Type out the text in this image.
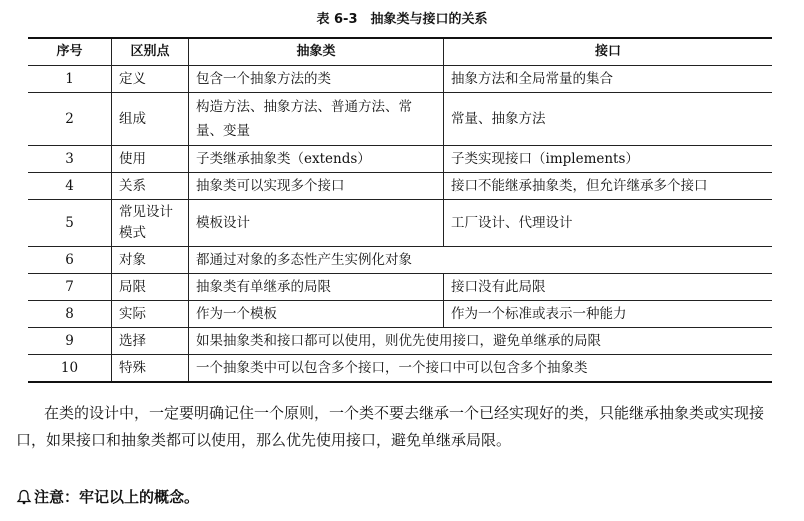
表 6-3　抽象类与接口的关系
序号	区别点	抽象类	接口
1	定义	包含一个抽象方法的类	抽象方法和全局常量的集合
2	组成	构造方法、抽象方法、普通方法、常量、变量	常量、抽象方法
3	使用	子类继承抽象类（extends）	子类实现接口（implements）
4	关系	抽象类可以实现多个接口	接口不能继承抽象类，但允许继承多个接口
5	常见设计模式	模板设计	工厂设计、代理设计
6	对象	都通过对象的多态性产生实例化对象	
7	局限	抽象类有单继承的局限	接口没有此局限
8	实际	作为一个模板	作为一个标准或表示一种能力
9	选择	如果抽象类和接口都可以使用，则优先使用接口，避免单继承的局限	
10	特殊	一个抽象类中可以包含多个接口，一个接口中可以包含多个抽象类	
在类的设计中，一定要明确记住一个原则，一个类不要去继承一个已经实现好的类，只能继承抽象类或实现接口，如果接口和抽象类都可以使用，那么优先使用接口，避免单继承局限。
注意：牢记以上的概念。
